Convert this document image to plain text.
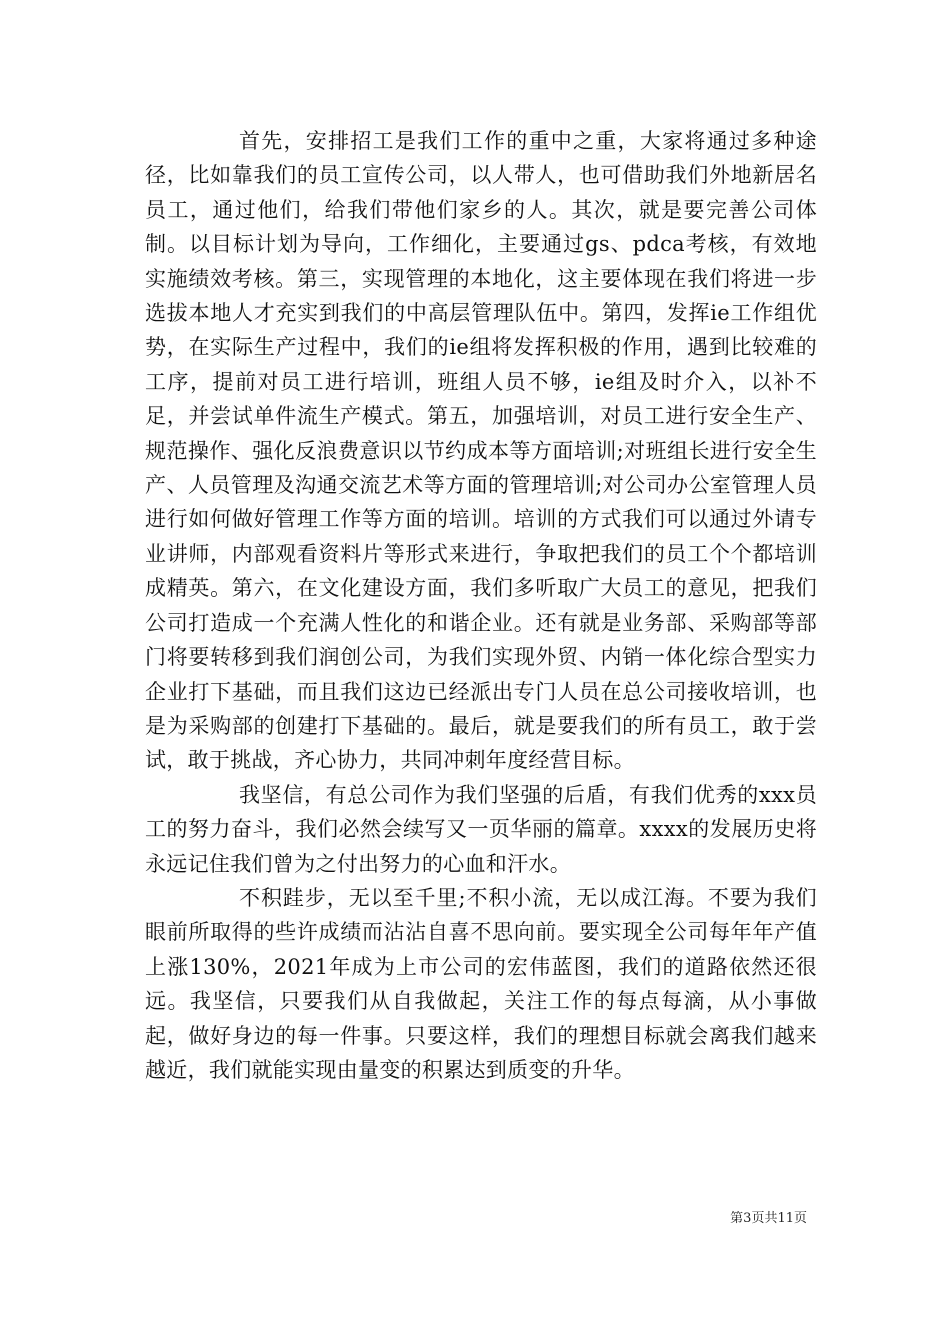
首先，安排招工是我们工作的重中之重，大家将通过多种途径，比如靠我们的员工宣传公司，以人带人，也可借助我们外地新居名员工，通过他们，给我们带他们家乡的人。其次，就是要完善公司体制。以目标计划为导向，工作细化，主要通过gs、pdca考核，有效地实施绩效考核。第三，实现管理的本地化，这主要体现在我们将进一步选拔本地人才充实到我们的中高层管理队伍中。第四，发挥ie工作组优势，在实际生产过程中，我们的ie组将发挥积极的作用，遇到比较难的工序，提前对员工进行培训，班组人员不够，ie组及时介入，以补不足，并尝试单件流生产模式。第五，加强培训，对员工进行安全生产、规范操作、强化反浪费意识以节约成本等方面培训;对班组长进行安全生产、人员管理及沟通交流艺术等方面的管理培训;对公司办公室管理人员进行如何做好管理工作等方面的培训。培训的方式我们可以通过外请专业讲师，内部观看资料片等形式来进行，争取把我们的员工个个都培训成精英。第六，在文化建设方面，我们多听取广大员工的意见，把我们公司打造成一个充满人性化的和谐企业。还有就是业务部、采购部等部门将要转移到我们润创公司，为我们实现外贸、内销一体化综合型实力企业打下基础，而且我们这边已经派出专门人员在总公司接收培训，也是为采购部的创建打下基础的。最后，就是要我们的所有员工，敢于尝试，敢于挑战，齐心协力，共同冲刺年度经营目标。

我坚信，有总公司作为我们坚强的后盾，有我们优秀的xxx员工的努力奋斗，我们必然会续写又一页华丽的篇章。xxxx的发展历史将永远记住我们曾为之付出努力的心血和汗水。

不积跬步，无以至千里;不积小流，无以成江海。不要为我们眼前所取得的些许成绩而沾沾自喜不思向前。要实现全公司每年年产值上涨130%，2021年成为上市公司的宏伟蓝图，我们的道路依然还很远。我坚信，只要我们从自我做起，关注工作的每点每滴，从小事做起，做好身边的每一件事。只要这样，我们的理想目标就会离我们越来越近，我们就能实现由量变的积累达到质变的升华。

第3页共11页
